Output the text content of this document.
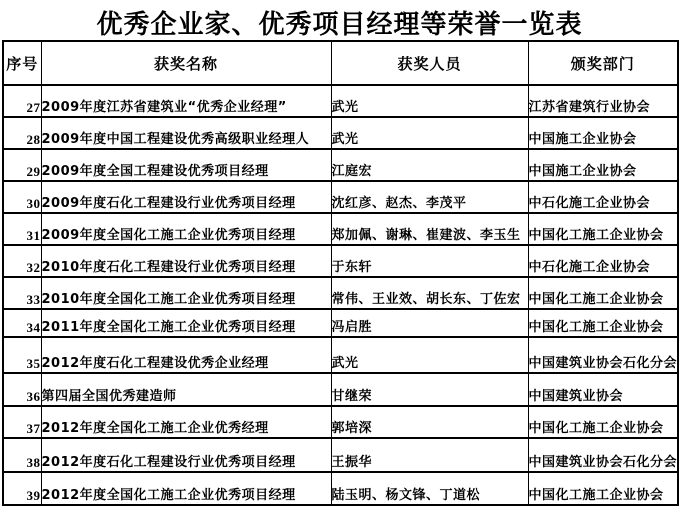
优秀企业家、优秀项目经理等荣誉一览表
序号	获奖名称	获奖人员	颁奖部门
27	2009年度江苏省建筑业“优秀企业经理”	武光	江苏省建筑行业协会
28	2009年度中国工程建设优秀高级职业经理人	武光	中国施工企业协会
29	2009年度全国工程建设优秀项目经理	江庭宏	中国施工企业协会
30	2009年度石化工程建设行业优秀项目经理	沈红彦、赵杰、李茂平	中石化施工企业协会
31	2009年度全国化工施工企业优秀项目经理	郑加佩、谢琳、崔建波、李玉生	中国化工施工企业协会
32	2010年度石化工程建设行业优秀项目经理	于东轩	中石化施工企业协会
33	2010年度全国化工施工企业优秀项目经理	常伟、王业效、胡长东、丁佐宏	中国化工施工企业协会
34	2011年度全国化工施工企业优秀项目经理	冯启胜	中国化工施工企业协会
35	2012年度石化工程建设优秀企业经理	武光	中国建筑业协会石化分会
36	第四届全国优秀建造师	甘继荣	中国建筑业协会
37	2012年度全国化工施工企业优秀经理	郭培深	中国化工施工企业协会
38	2012年度石化工程建设行业优秀项目经理	王振华	中国建筑业协会石化分会
39	2012年度全国化工施工企业优秀项目经理	陆玉明、杨文锋、丁道松	中国化工施工企业协会
